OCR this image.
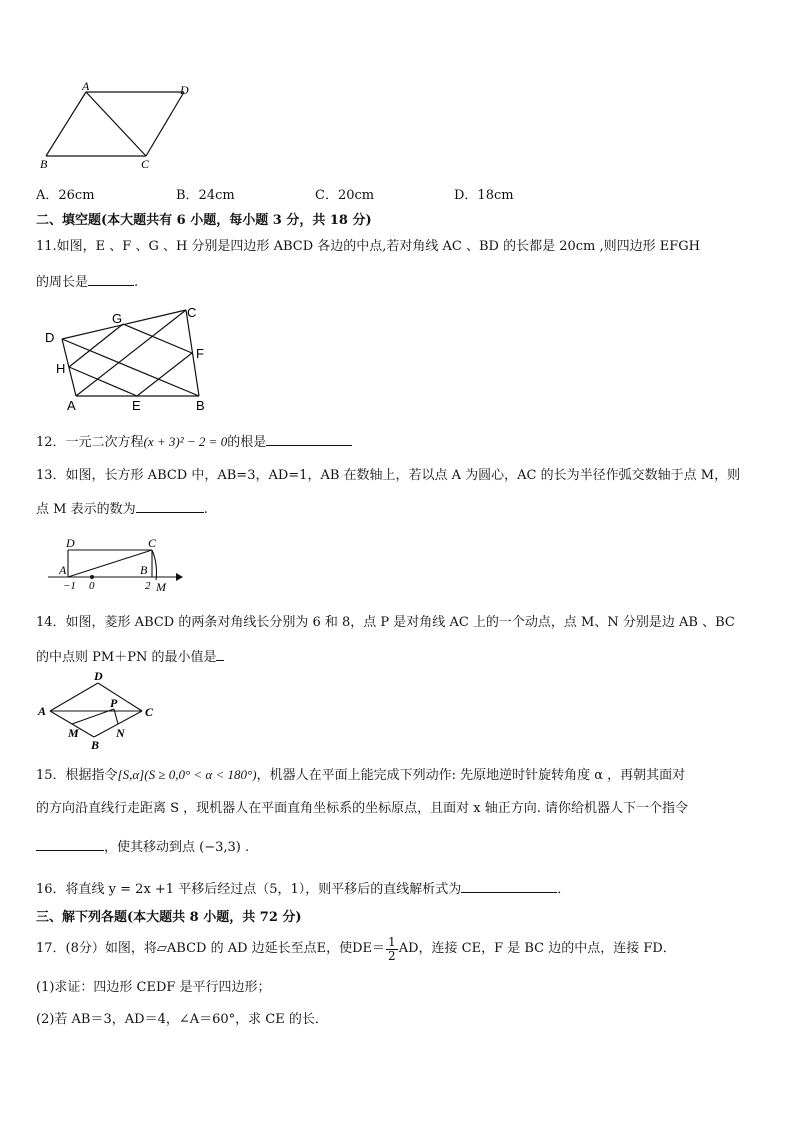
A	D
B	C
A．26cm	B．24cm	C．20cm	D．18cm
二、填空题(本大题共有 6 小题，每小题 3 分，共 18 分)
11.如图，E 、F 、G 、H 分别是四边形 ABCD 各边的中点,若对角线 AC 、BD 的长都是 20cm ,则四边形 EFGH
的周长是	.
D
G	C
F
H
A	E	B
12．一元二次方程(x + 3)² − 2 = 0的根是
13．如图，长方形 ABCD 中，AB=3，AD=1，AB 在数轴上，若以点 A 为圆心，AC 的长为半径作弧交数轴于点 M，则
点 M 表示的数为	.
D	C
A	B
−1 0	2 M
14．如图，菱形 ABCD 的两条对角线长分别为 6 和 8，点 P 是对角线 AC 上的一个动点，点 M、N 分别是边 AB 、BC
的中点则 PM＋PN 的最小值是
D
A	C
P
M	N
B
15．根据指令[S,α](S ≥ 0,0° < α < 180°)，机器人在平面上能完成下列动作: 先原地逆时针旋转角度 α ，再朝其面对
的方向沿直线行走距离 S ，现机器人在平面直角坐标系的坐标原点，且面对 x 轴正方向. 请你给机器人下一个指令
，使其移动到点 (−3,3) .
16．将直线 y = 2x +1 平移后经过点（5，1），则平移后的直线解析式为	．
三、解下列各题(本大题共 8 小题，共 72 分)
17．(8分）如图，将▱ABCD 的 AD 边延长至点E，使$DE= \frac{1}{2}$ AD，连接 CE，F 是 BC 边的中点，连接 FD．
(1)求证：四边形 CEDF 是平行四边形；
(2)若 AB＝3，AD＝4，∠A＝60°，求 CE 的长．
